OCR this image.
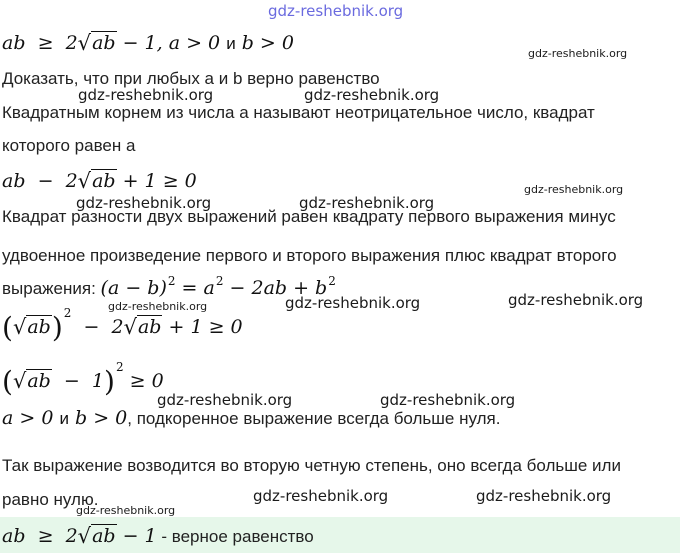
gdz-reshebnik.org
ab  ≥  2√ab − 1, a > 0 и b > 0	gdz-reshebnik.org
Доказать, что при любых a и b верно равенство
gdz-reshebnik.org	gdz-reshebnik.org
Квадратным корнем из числа a называют неотрицательное число, квадрат
которого равен a
ab  −  2√ab + 1 ≥ 0	gdz-reshebnik.org
gdz-reshebnik.org	gdz-reshebnik.org
Квадрат разности двух выражений равен квадрату первого выражения минус
удвоенное произведение первого и второго выражения плюс квадрат второго
выражения: $(a - b)^2 = a^2 - 2ab + b^2$
gdz-reshebnik.org	gdz-reshebnik.org	gdz-reshebnik.org
$(√ab)^2 - 2√ab + 1 \ge 0$
$(√ab - 1)^2 \ge 0$
gdz-reshebnik.org	gdz-reshebnik.org
a > 0 и b > 0, подкоренное выражение всегда больше нуля.
Так выражение возводится во вторую четную степень, оно всегда больше или
равно нулю.	gdz-reshebnik.org	gdz-reshebnik.org
gdz-reshebnik.org
ab  ≥  2√ab − 1 - верное равенство
